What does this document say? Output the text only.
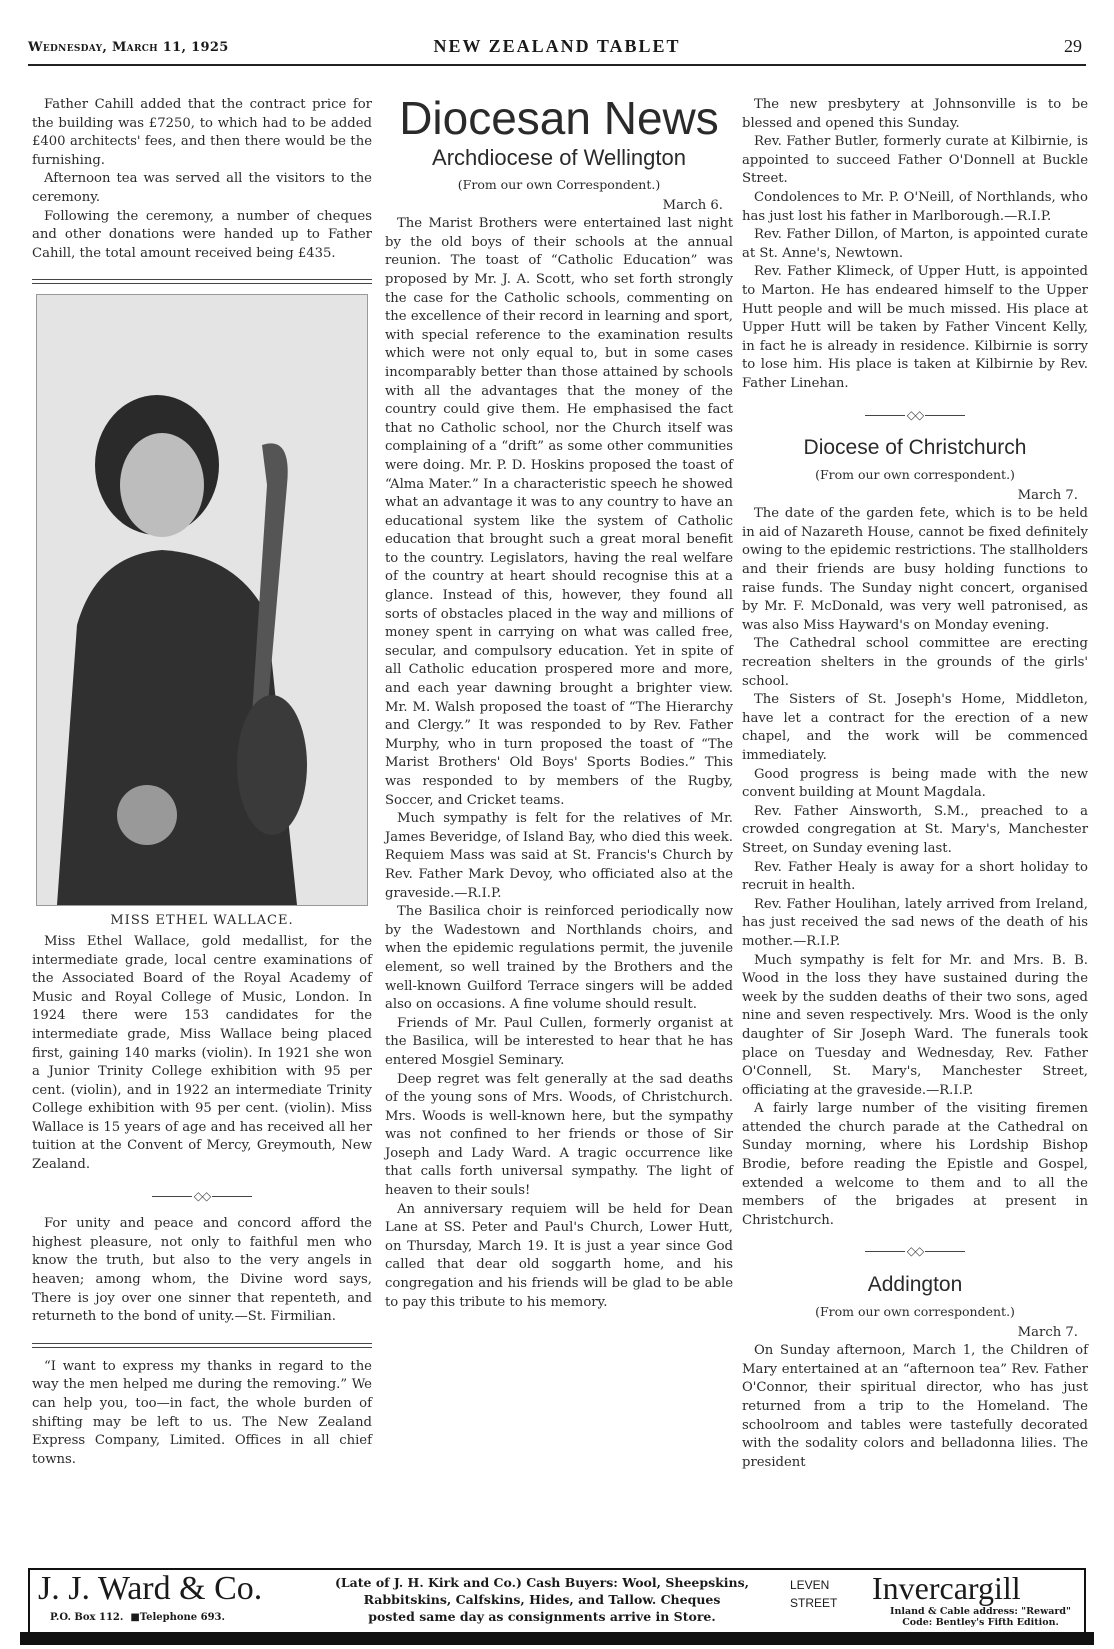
Wednesday, March 11, 1925	NEW ZEALAND TABLET	29

Father Cahill added that the contract price for the building was £7250, to which had to be added £400 architects' fees, and then there would be the furnishing.

Afternoon tea was served all the visitors to the ceremony.

Following the ceremony, a number of cheques and other donations were handed up to Father Cahill, the total amount received being £435.

MISS ETHEL WALLACE.

Miss Ethel Wallace, gold medallist, for the intermediate grade, local centre examinations of the Associated Board of the Royal Academy of Music and Royal College of Music, London. In 1924 there were 153 candidates for the intermediate grade, Miss Wallace being placed first, gaining 140 marks (violin). In 1921 she won a Junior Trinity College exhibition with 95 per cent. (violin), and in 1922 an intermediate Trinity College exhibition with 95 per cent. (violin). Miss Wallace is 15 years of age and has received all her tuition at the Convent of Mercy, Greymouth, New Zealand.

◇◇

For unity and peace and concord afford the highest pleasure, not only to faithful men who know the truth, but also to the very angels in heaven; among whom, the Divine word says, There is joy over one sinner that repenteth, and returneth to the bond of unity.—St. Firmilian.

“I want to express my thanks in regard to the way the men helped me during the removing.” We can help you, too—in fact, the whole burden of shifting may be left to us. The New Zealand Express Company, Limited. Offices in all chief towns.

Diocesan News
Archdiocese of Wellington
(From our own Correspondent.)
March 6.

The Marist Brothers were entertained last night by the old boys of their schools at the annual reunion. The toast of “Catholic Education” was proposed by Mr. J. A. Scott, who set forth strongly the case for the Catholic schools, commenting on the excellence of their record in learning and sport, with special reference to the examination results which were not only equal to, but in some cases incomparably better than those attained by schools with all the advantages that the money of the country could give them. He emphasised the fact that no Catholic school, nor the Church itself was complaining of a “drift” as some other communities were doing. Mr. P. D. Hoskins proposed the toast of “Alma Mater.” In a characteristic speech he showed what an advantage it was to any country to have an educational system like the system of Catholic education that brought such a great moral benefit to the country. Legislators, having the real welfare of the country at heart should recognise this at a glance. Instead of this, however, they found all sorts of obstacles placed in the way and millions of money spent in carrying on what was called free, secular, and compulsory education. Yet in spite of all Catholic education prospered more and more, and each year dawning brought a brighter view. Mr. M. Walsh proposed the toast of “The Hierarchy and Clergy.” It was responded to by Rev. Father Murphy, who in turn proposed the toast of “The Marist Brothers' Old Boys' Sports Bodies.” This was responded to by members of the Rugby, Soccer, and Cricket teams.

Much sympathy is felt for the relatives of Mr. James Beveridge, of Island Bay, who died this week. Requiem Mass was said at St. Francis's Church by Rev. Father Mark Devoy, who officiated also at the graveside.—R.I.P.

The Basilica choir is reinforced periodically now by the Wadestown and Northlands choirs, and when the epidemic regulations permit, the juvenile element, so well trained by the Brothers and the well-known Guilford Terrace singers will be added also on occasions. A fine volume should result.

Friends of Mr. Paul Cullen, formerly organist at the Basilica, will be interested to hear that he has entered Mosgiel Seminary.

Deep regret was felt generally at the sad deaths of the young sons of Mrs. Woods, of Christchurch. Mrs. Woods is well-known here, but the sympathy was not confined to her friends or those of Sir Joseph and Lady Ward. A tragic occurrence like that calls forth universal sympathy. The light of heaven to their souls!

An anniversary requiem will be held for Dean Lane at SS. Peter and Paul's Church, Lower Hutt, on Thursday, March 19. It is just a year since God called that dear old soggarth home, and his congregation and his friends will be glad to be able to pay this tribute to his memory.

The new presbytery at Johnsonville is to be blessed and opened this Sunday.

Rev. Father Butler, formerly curate at Kilbirnie, is appointed to succeed Father O'Donnell at Buckle Street.

Condolences to Mr. P. O'Neill, of Northlands, who has just lost his father in Marlborough.—R.I.P.

Rev. Father Dillon, of Marton, is appointed curate at St. Anne's, Newtown.

Rev. Father Klimeck, of Upper Hutt, is appointed to Marton. He has endeared himself to the Upper Hutt people and will be much missed. His place at Upper Hutt will be taken by Father Vincent Kelly, in fact he is already in residence. Kilbirnie is sorry to lose him. His place is taken at Kilbirnie by Rev. Father Linehan.

◇◇
Diocese of Christchurch
(From our own correspondent.)
March 7.

The date of the garden fete, which is to be held in aid of Nazareth House, cannot be fixed definitely owing to the epidemic restrictions. The stallholders and their friends are busy holding functions to raise funds. The Sunday night concert, organised by Mr. F. McDonald, was very well patronised, as was also Miss Hayward's on Monday evening.

The Cathedral school committee are erecting recreation shelters in the grounds of the girls' school.

The Sisters of St. Joseph's Home, Middleton, have let a contract for the erection of a new chapel, and the work will be commenced immediately.

Good progress is being made with the new convent building at Mount Magdala.

Rev. Father Ainsworth, S.M., preached to a crowded congregation at St. Mary's, Manchester Street, on Sunday evening last.

Rev. Father Healy is away for a short holiday to recruit in health.

Rev. Father Houlihan, lately arrived from Ireland, has just received the sad news of the death of his mother.—R.I.P.

Much sympathy is felt for Mr. and Mrs. B. B. Wood in the loss they have sustained during the week by the sudden deaths of their two sons, aged nine and seven respectively. Mrs. Wood is the only daughter of Sir Joseph Ward. The funerals took place on Tuesday and Wednesday, Rev. Father O'Connell, St. Mary's, Manchester Street, officiating at the graveside.—R.I.P.

A fairly large number of the visiting firemen attended the church parade at the Cathedral on Sunday morning, where his Lordship Bishop Brodie, before reading the Epistle and Gospel, extended a welcome to them and to all the members of the brigades at present in Christchurch.

◇◇
Addington
(From our own correspondent.)
March 7.

On Sunday afternoon, March 1, the Children of Mary entertained at an “afternoon tea” Rev. Father O'Connor, their spiritual director, who has just returned from a trip to the Homeland. The schoolroom and tables were tastefully decorated with the sodality colors and belladonna lilies. The president

J. J. Ward & Co.
P.O. Box 112. ■Telephone 693.
(Late of J. H. Kirk and Co.) Cash Buyers: Wool, Sheepskins, Rabbitskins, Calfskins, Hides, and Tallow. Cheques
posted same day as consignments arrive in Store.
LEVEN
STREET	Invercargill
Inland & Cable address: "Reward"
Code: Bentley's Fifth Edition.
